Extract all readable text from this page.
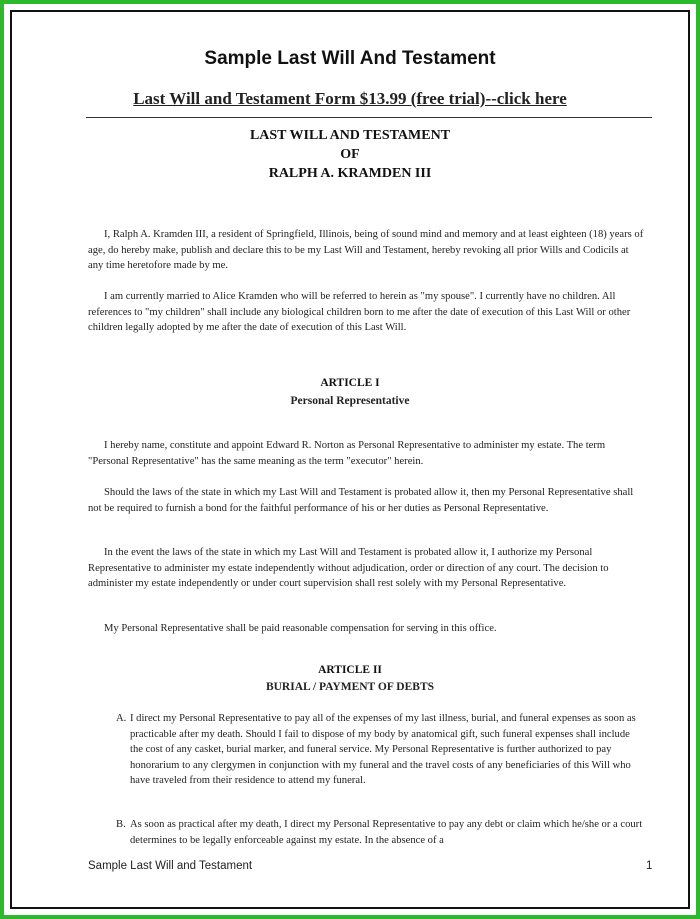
Sample Last Will And Testament
Last Will and Testament Form $13.99 (free trial)--click here
LAST WILL AND TESTAMENT
OF
RALPH A. KRAMDEN III
I, Ralph A. Kramden III, a resident of Springfield, Illinois, being of sound mind and memory and at least eighteen (18) years of age, do hereby make, publish and declare this to be my Last Will and Testament, hereby revoking all prior Wills and Codicils at any time heretofore made by me.
I am currently married to Alice Kramden who will be referred to herein as "my spouse". I currently have no children. All references to "my children" shall include any biological children born to me after the date of execution of this Last Will or other children legally adopted by me after the date of execution of this Last Will.
ARTICLE I
Personal Representative
I hereby name, constitute and appoint Edward R. Norton as Personal Representative to administer my estate. The term "Personal Representative" has the same meaning as the term "executor" herein.
Should the laws of the state in which my Last Will and Testament is probated allow it, then my Personal Representative shall not be required to furnish a bond for the faithful performance of his or her duties as Personal Representative.
In the event the laws of the state in which my Last Will and Testament is probated allow it, I authorize my Personal Representative to administer my estate independently without adjudication, order or direction of any court. The decision to administer my estate independently or under court supervision shall rest solely with my Personal Representative.
My Personal Representative shall be paid reasonable compensation for serving in this office.
ARTICLE II
BURIAL / PAYMENT OF DEBTS
A. I direct my Personal Representative to pay all of the expenses of my last illness, burial, and funeral expenses as soon as practicable after my death. Should I fail to dispose of my body by anatomical gift, such funeral expenses shall include the cost of any casket, burial marker, and funeral service. My Personal Representative is further authorized to pay honorarium to any clergymen in conjunction with my funeral and the travel costs of any beneficiaries of this Will who have traveled from their residence to attend my funeral.
B. As soon as practical after my death, I direct my Personal Representative to pay any debt or claim which he/she or a court determines to be legally enforceable against my estate. In the absence of a
Sample Last Will and Testament	1
